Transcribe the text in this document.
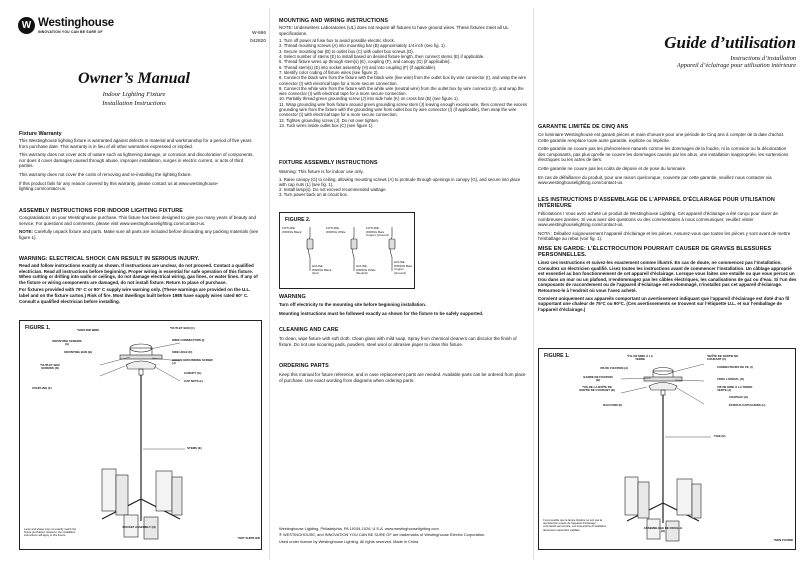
W Westinghouse
INNOVATION YOU CAN BE SURE OF	W-666
042820
Owner’s Manual
Indoor Lighting Fixture
Installation Instructions
Fixture Warranty

This Westinghouse lighting fixture is warranted against defects in material and workmanship for a period of five years from purchase date. This warranty is in lieu of all other warranties expressed or implied.

This warranty does not cover acts of nature such as lightening damage, or corrosion and discoloration of components, nor does it cover damages caused through abuse, improper installation, surges in electric current, or acts of third parties.

This warranty does not cover the costs of removing and re-installing the lighting fixture.

If this product fails for any reason covered by this warranty, please contact us at www.westinghouse-lighting.com/contact-us.

ASSEMBLY INSTRUCTIONS FOR INDOOR LIGHTING FIXTURE

Congratulations on your Westinghouse purchase. This fixture has been designed to give you many years of beauty and service. For questions and comments, please visit www.westinghouselighting.com/contact-us.

NOTE: Carefully unpack fixture and parts. Make sure all parts are included before discarding any packing materials (see figure 1).

WARNING: ELECTRICAL SHOCK CAN RESULT IN SERIOUS INJURY.

Read and follow instructions exactly as shown. If instructions are unclear, do not proceed. Contact a qualified electrician. Read all instructions before beginning. Proper wiring is essential for safe operation of this fixture. When cutting or drilling into walls or ceilings, do not damage electrical wiring, gas lines, or water lines. If any of the fixture or wiring components are damaged, do not install fixture. Return to place of purchase.

For fixtures provided with 75° C or 90° C supply wire warning only. (These warnings are provided on the U.L. label and on the fixture carton.) Risk of fire. Most dwellings built before 1985 have supply wires rated 60° C. Consult a qualified electrician before installing.

FIGURE 1.	*GROUND WIRE
MOUNTING SCREWS (A)
MOUNTING BAR (B)
*OUTLET BOX SCREWS (D)
COUPLING (F)
*OUTLET BOX (C)
WIRE CONNECTORS (I)
SIDE HOLE (K)
GREEN GROUNDING SCREW (J)
CANOPY (G)
CAP NUTS (L)
STEMS (E)
SOCKET ASSEMBLY (H)
*NOT SUPPLIED
Lamp and shape may not exactly match the fixture purchased. However, the installation instructions will apply to this fixture.
MOUNTING AND WIRING INSTRUCTIONS

NOTE: Underwriters Laboratories (UL) does not require all fixtures to have ground wires. These fixtures meet all UL specifications.

1. Turn off power at fuse box to avoid possible electric shock.
2. Thread mounting screws (A) into mounting bar (B) approximately 1/4 inch (see fig. 1).
3. Secure mounting bar (B) to outlet box (C) with outlet box screws (D).
4. Select number of stems (E) to install based on desired fixture length, then connect stems (E) if applicable.
5. Thread fixture wires up through stem(s) (E), coupling (F), and canopy (G) (if applicable).
6. Thread stem(s) (E) into socket assembly (H) and into coupling (F) (if applicable).
7. Identify color coding of fixture wires (see figure 2).
8. Connect the black wire from the fixture with the black wire (live wire) from the outlet box by wire connector (I), and wrap the wire connector (I) with electrical tape for a more secure connection.
9. Connect the white wire from the fixture with the white wire (neutral wire) from the outlet box by wire connector (I), and wrap the wire connector (I) with electrical tape for a more secure connection.
10. Partially thread green grounding screw (J) into side hole (K) on cross bar (B) (see figure 1).
11. Wrap grounding wire from fixture around green grounding screw stem (J) leaving enough excess wire, then connect the excess grounding wire from the fixture with the grounding wire from outlet box by wire connector (I) (if applicable), then wrap the wire connector (I) with electrical tape for a more secure connection.
12. Tighten grounding screw (J). Do not over tighten.
13. Tuck wires inside outlet box (C) (see figure 1).
FIXTURE ASSEMBLY INSTRUCTIONS

Warning: This fixture is for indoor use only.

1. Raise canopy (G) to ceiling, allowing mounting screws (A) to protrude through openings in canopy (G), and secure into place with cap nuts (L) (see fig. 1).
2. Install lamp(s). Do not exceed recommended wattage.
3. Turn power back on at circuit box.
FIGURE 2.
FIXTURE WIRING Black
FIXTURE WIRING White
FIXTURE WIRING Bare Copper (Ground)
HOUSE WIRING Black (Hot)
HOUSE WIRING White (Neutral)
HOUSE WIRING Bare Copper (Ground)
WARNING

Turn off electricity to the mounting site before beginning installation.

Mounting instructions must be followed exactly as shown for the fixture to be safely supported.

CLEANING AND CARE

To clean, wipe fixture with soft cloth. Clean glass with mild soap. Spray from chemical cleaners can discolor the finish of fixture. Do not use scouring pads, powders, steel wool or abrasive paper to clean this fixture.

ORDERING PARTS

Keep this manual for future reference, and in case replacement parts are needed. Available parts can be ordered from place of purchase. Use exact wording from diagrams when ordering parts.

Westinghouse Lighting, Philadelphia, PA 19154-1026, U.S.A. www.westinghouselighting.com
® WESTINGHOUSE, and INNOVATION YOU CAN BE SURE OF are trademarks of Westinghouse Electric Corporation.
Used under license by Westinghouse Lighting. All rights reserved. Made in China
Guide d’utilisation
Instructions d’installation
Appareil d’éclairage pour utilisation intérieure
GARANTIE LIMITÉE DE CINQ ANS

Ce luminaire Westinghouse est garanti pièces et main-d’oeuvre pour une période de Cinq ans à compter de la date d’achat. Cette garantie remplace toute autre garantie, explicite ou implicite.

Cette garantie ne couvre pas les phénomènes naturels comme les dommages de la foudre, ni la corrosion ou la décoloration des composants, pas plus qu’elle ne couvre les dommages causés par les abus, une installation inappropriée, les surtensions électriques ou les actes de tiers.

Cette garantie ne couvre pas les coûts de dépose et de pose du luminaire.

En cas de défaillance du produit, pour une raison quelconque, couverte par cette garantie, veuillez nous contacter via www.westinghouselighting.com/contact-us.

LES INSTRUCTIONS D’ASSEMBLAGE DE L’APPAREIL D’ÉCLAIRAGE POUR UTILISATION INTÉRIEURE

Félicitations ! Vous avez acheté un produit de Westinghouse Lighting. Cet appareil d’éclairage a été conçu pour durer de nombreuses années. Si vous avez des questions ou des commentaires à nous communiquer, veuillez visiter www.westinghouselighting.com/contact-us.

NOTA : Déballez soigneusement l’appareil d’éclairage et les pièces. Assurez-vous que toutes les pièces y sont avant de mettre l’emballage au rebut (voir fig. 1).

MISE EN GARDE: L’ÉLECTROCUTION POURRAIT CAUSER DE GRAVES BLESSURES PERSONNELLES.

Lisez ces instructions et suivez-les exactement comme illustré. En cas de doute, ne commencez pas l’installation. Consultez un électricien qualifié. Lisez toutes les instructions avant de commencer l’installation. Un câblage approprié est essentiel au bon fonctionnement de cet appareil d’éclairage. Lorsque vous faites une entaille ou que vous percez un trou dans un mur ou un plafond, n’endommagez pas les câbles électriques, les canalisations de gaz ou d’eau. Si l’un des composants de raccordement ou de l’appareil d’éclairage est endommagé, n’installez pas cet appareil d’éclairage. Retournez-le à l’endroit où vous l’avez acheté.

Convient uniquement aux appareils comportant un avertissement indiquant que l’appareil d’éclairage est doté d’un fil supportant une chaleur de 75°C ou 90°C. (Ces avertissements se trouvent sur l’étiquette U.L. et sur l’emballage de l’appareil d’éclairage.)

FIGURE 1.	*FIL DE MISE À LA TERRE
VIS DE FIXATION (A)
BARRE DE FIXATION (B)
*VIS DE LA BOÎTE DE SORTIE DE COURANT (D)
RACCORD (F)
*BOÎTE DE SORTIE DE COURANT (C)
CONNECTEURS DE FIL (I)
TROU LATÉRAL (K)
VIS DE MISE À LA TERRE VERTE (J)
CHAPEAU (G)
ÉCROUS CAPUCHONS (L)
TIGE (E)
ASSEMBLAGE DE DOUILLE (H)
*NON FOURNI
Il est possible que la lampe illustrée ne soit pas la reproduction exacte de l’appareil d’éclairage commandé par la boîte. Les instructions d’installation demeurent cependant valables.
